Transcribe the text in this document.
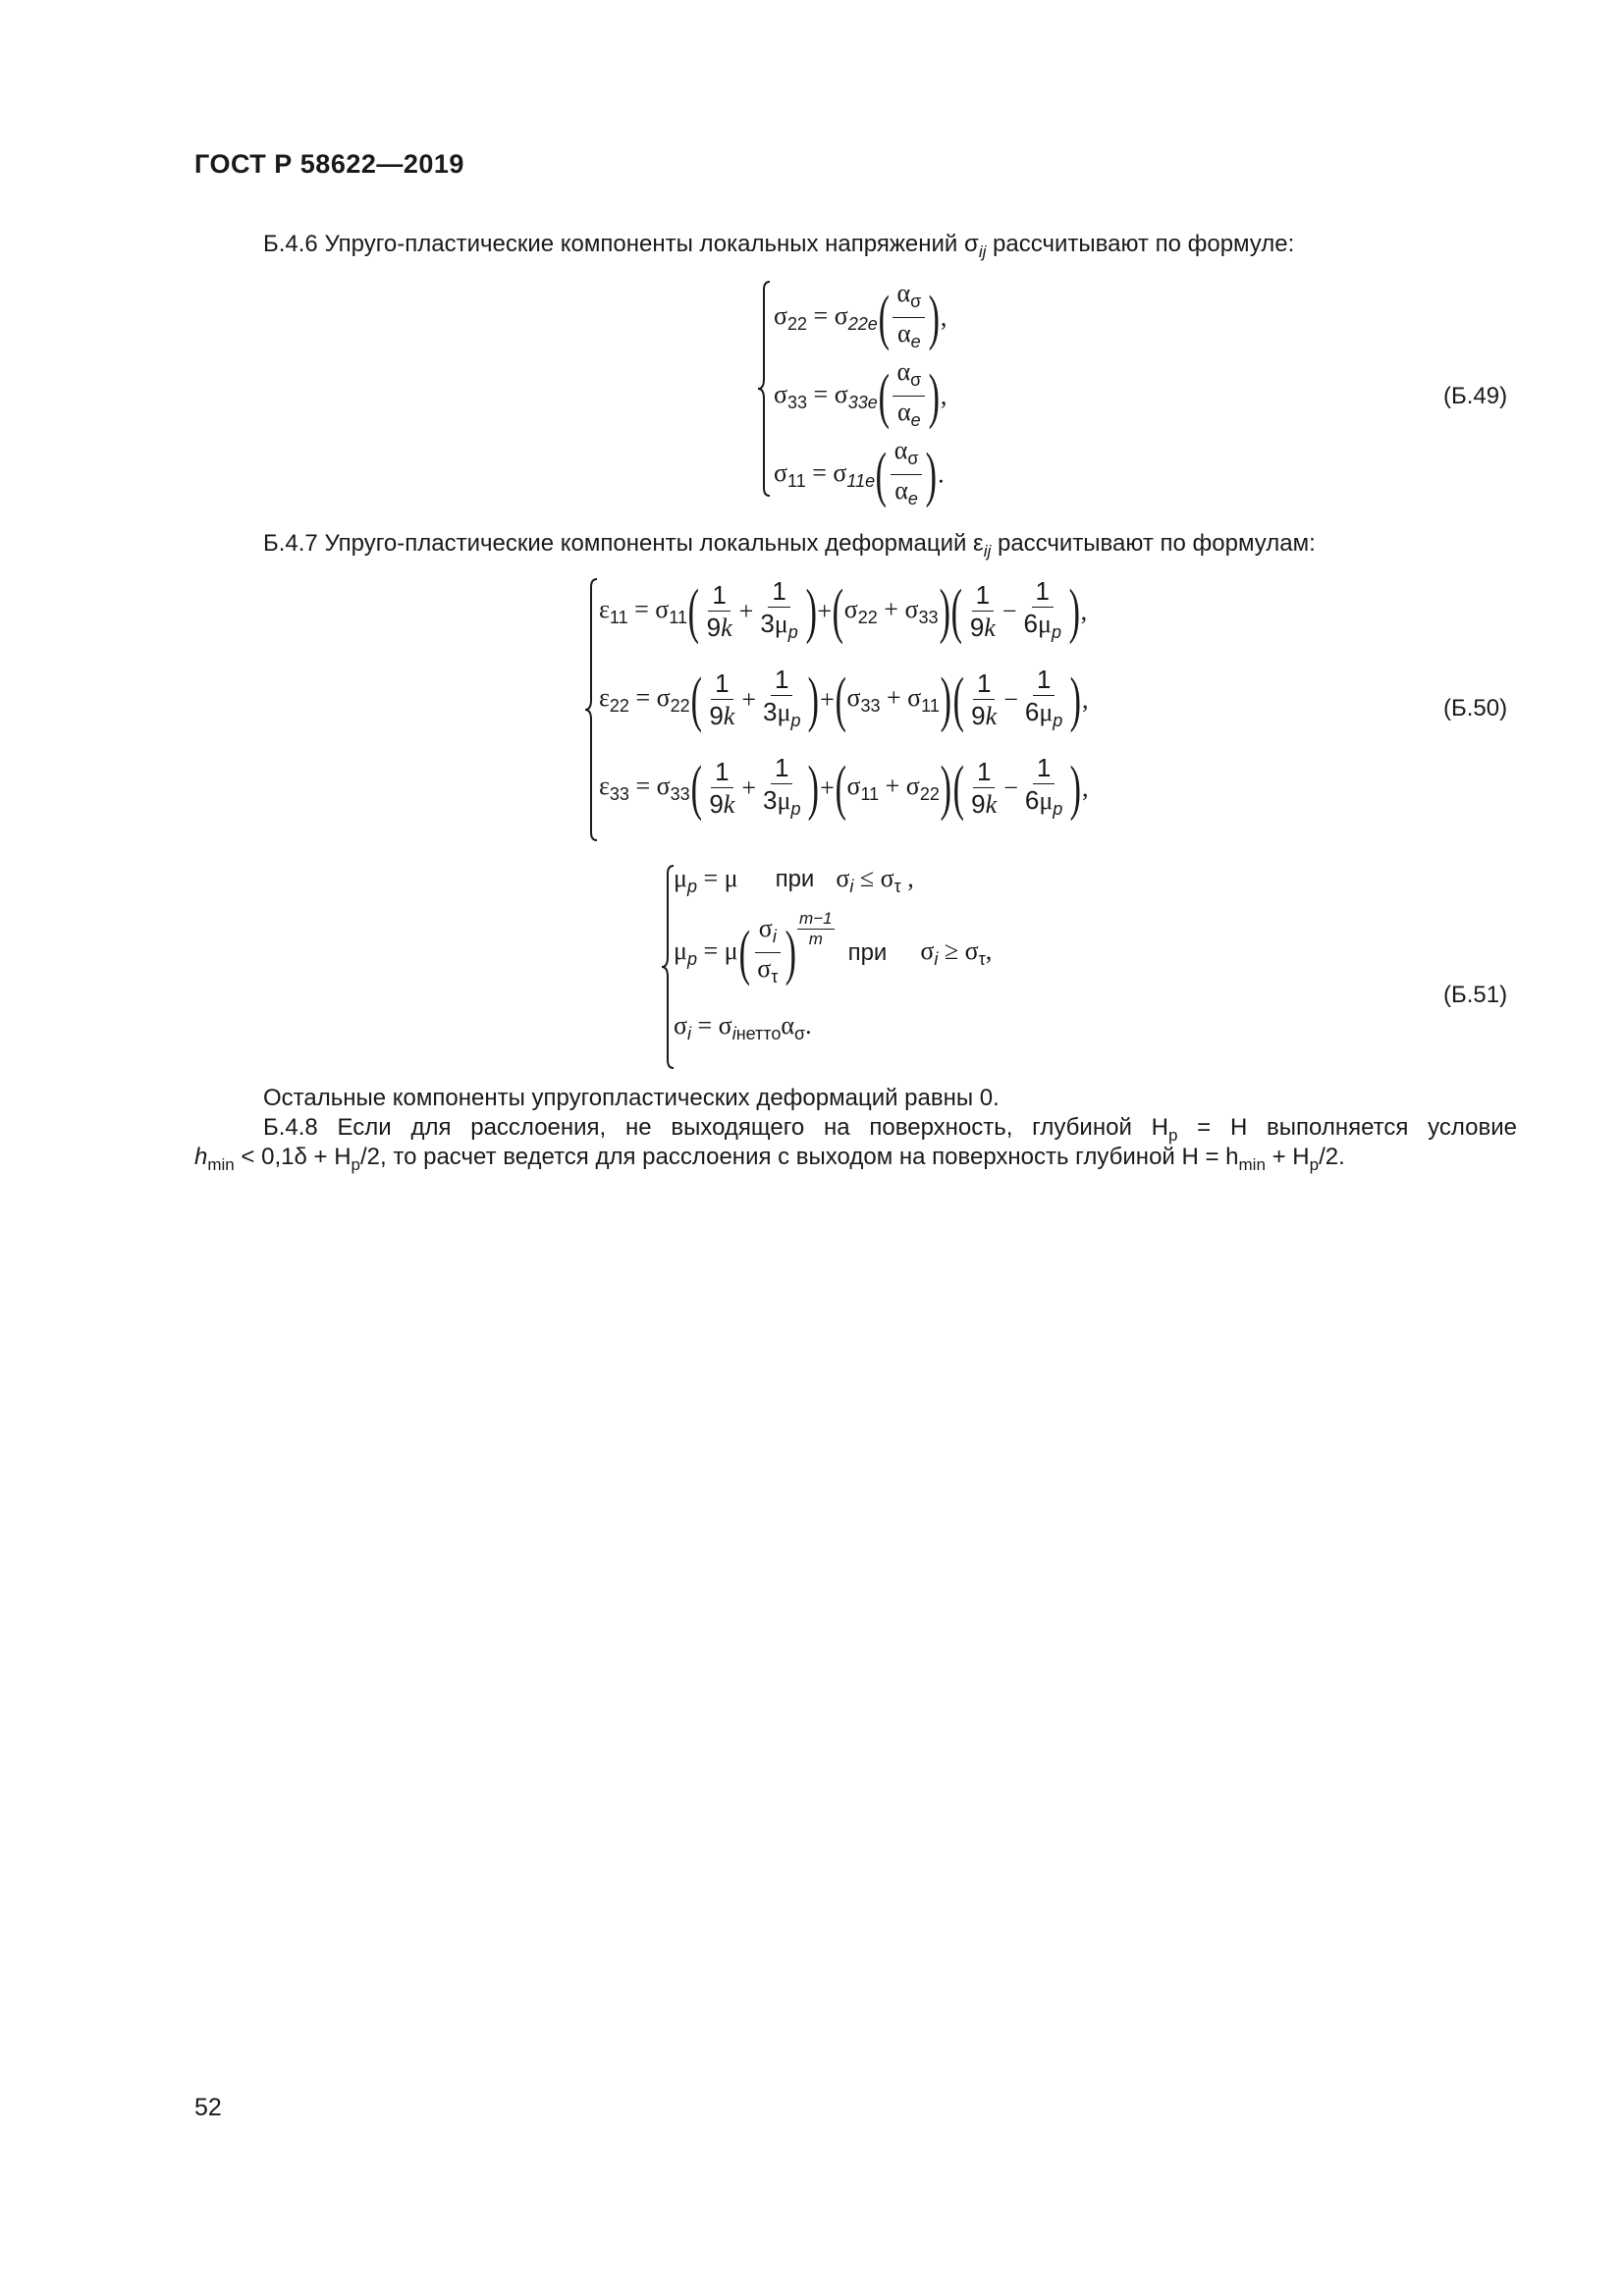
ГОСТ Р 58622—2019
Б.4.6 Упруго-пластические компоненты локальных напряжений $\sigma_{ij}$ рассчитывают по формуле:
$\sigma_{22} = \sigma_{22e}( \frac{\alpha_\sigma}{\alpha_e}$ ),
$\sigma_{33} = \sigma_{33e}( \frac{\alpha_\sigma}{\alpha_e}$ ),
$\sigma_{11} = \sigma_{11e}( \frac{\alpha_\sigma}{\alpha_e}$ ).
(Б.49)
Б.4.7 Упруго-пластические компоненты локальных деформаций $\varepsilon_{ij}$ рассчитывают по формулам:
$\varepsilon_{11} = \sigma_{11}( \frac{1}{9k} + \frac{1}{3\mu_p} )+(\sigma_{22} + \sigma_{33})( \frac{1}{9k} - \frac{1}{6\mu_p}$ ),
$\varepsilon_{22} = \sigma_{22}( \frac{1}{9k} + \frac{1}{3\mu_p} )+(\sigma_{33} + \sigma_{11})( \frac{1}{9k} - \frac{1}{6\mu_p}$ ),
$\varepsilon_{33} = \sigma_{33}( \frac{1}{9k} + \frac{1}{3\mu_p} )+(\sigma_{11} + \sigma_{22})( \frac{1}{9k} - \frac{1}{6\mu_p}$ ),
(Б.50)
$\mu_p = \mu$ при $\sigma_i \le \sigma_\tau$ ,
$\mu_p = \mu( \frac{\sigma_i}{\sigma_\tau}$ ) $\frac{m-1}{m}$
при $\sigma_i \ge \sigma_\tau$,
$\sigma_i = \sigma_{iнетто}\alpha_\sigma$.
(Б.51)
Остальные компоненты упругопластических деформаций равны 0.
Б.4.8 Если для расслоения, не выходящего на поверхность, глубиной $H_p = H$ выполняется условие
$h_{min} < 0,1\delta + H_p/2$, то расчет ведется для расслоения с выходом на поверхность глубиной $H = h_{min} + H_p/2$.
52
